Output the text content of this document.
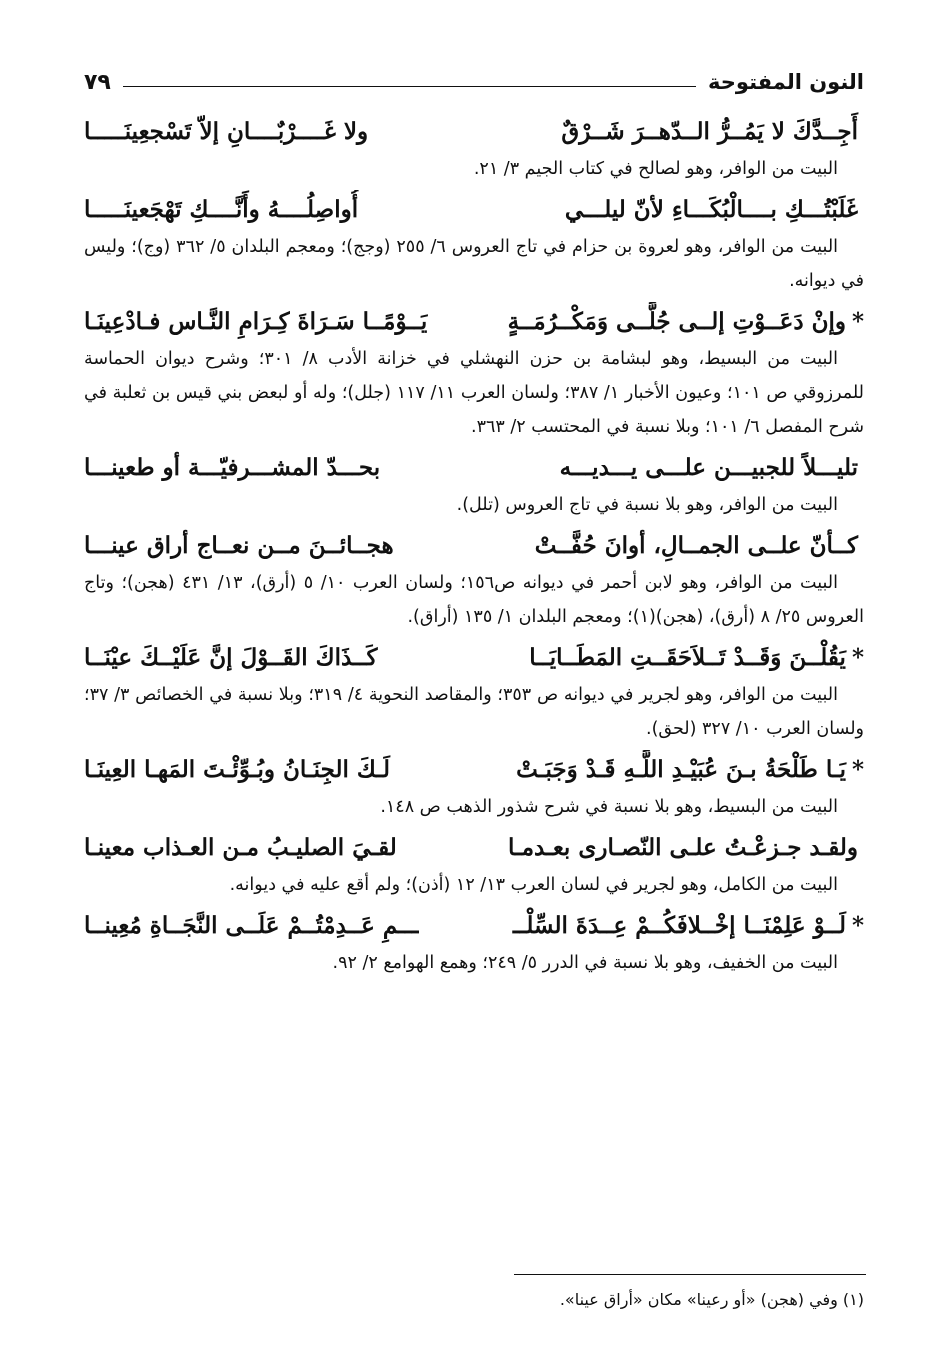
النون المفتوحة
٧٩
أَجِــدَّكَ لا يَمُــرُّ الــدّهــرَ شَــرْقٌ
ولا غَــــرْبٌــــانِ إلاّ تَسْجعِينَـــــا

البيت من الوافر، وهو لصالح في كتاب الجيم ٣/ ٢١.

غَلَبْتُـــكِ بــــالْبُكَـــاءِ لأنّ ليلـــي
أُواصِلُــــهُ وأَنَّــــكِ تَهْجَعينَـــــا

البيت من الوافر، وهو لعروة بن حزام في تاج العروس ٦/ ٢٥٥ (وجج)؛ ومعجم البلدان ٥/ ٣٦٢ (وج)؛ وليس في ديوانه.

*وإنْ دَعَــوْتِ إلــى جُلَّــى وَمَكْــرُمَــةٍ
يَــوْمًــا سَـرَاةَ كِـرَامِ النَّـاس فـادْعِينَـا

البيت من البسيط، وهو لبشامة بن حزن النهشلي في خزانة الأدب ٨/ ٣٠١؛ وشرح ديوان الحماسة للمرزوقي ص ١٠١؛ وعيون الأخبار ١/ ٣٨٧؛ ولسان العرب ١١/ ١١٧ (جلل)؛ وله أو لبعض بني قيس بن ثعلبة في شرح المفصل ٦/ ١٠١؛ وبلا نسبة في المحتسب ٢/ ٣٦٣.

تليـــلاً للجبيـــن علـــى يـــديـــه
بحـــدّ المشـــرفيّـــة أو طعينـــا

البيت من الوافر، وهو بلا نسبة في تاج العروس (تلل).

كــأنّ علــى الجمــالِ، أوانَ حُفَّــتْ
هجــائــنَ مــن نعــاج أراق عينـــا

البيت من الوافر، وهو لابن أحمر في ديوانه ص١٥٦؛ ولسان العرب ١٠/ ٥ (أرق)، ١٣/ ٤٣١ (هجن)؛ وتاج العروس ٢٥/ ٨ (أرق)، (هجن)(١)؛ ومعجم البلدان ١/ ١٣٥ (أراق).

*يَقُلْــنَ وَقَــدْ تَــلاَحَقَــتِ المَطَــايَــا
كَــذَاكَ القَــوْلَ إنَّ عَلَيْــكَ عيْنَــا

البيت من الوافر، وهو لجرير في ديوانه ص ٣٥٣؛ والمقاصد النحوية ٤/ ٣١٩؛ وبلا نسبة في الخصائص ٣/ ٣٧؛ ولسان العرب ١٠/ ٣٢٧ (لحق).

*يَـا طَلْحَةُ بـنَ عُبَيْـدِ اللَّـهِ قَـدْ وَجَبَـتْ
لَـكَ الجِنَـانُ وبُـوِّئْـتَ المَهـا العِينَـا

البيت من البسيط، وهو بلا نسبة في شرح شذور الذهب ص ١٤٨.

ولقـد جـزعْـتُ علـى النّصـارى بعـدمـا
لقـيَ الصليـبُ مـن العـذاب معينـا

البيت من الكامل، وهو لجرير في لسان العرب ١٣/ ١٢ (أذن)؛ ولم أقع عليه في ديوانه.

*لَــوْ عَلِمْنَــا إخْــلافَكُــمْ عِــدَةَ السِّلْــ
ـــمِ عَــدِمْتُــمْ عَلَــى النَّجَــاةِ مُعِينــا

البيت من الخفيف، وهو بلا نسبة في الدرر ٥/ ٢٤٩؛ وهمع الهوامع ٢/ ٩٢.

(١) وفي (هجن) «أو رعينا» مكان «أراق عينا».
